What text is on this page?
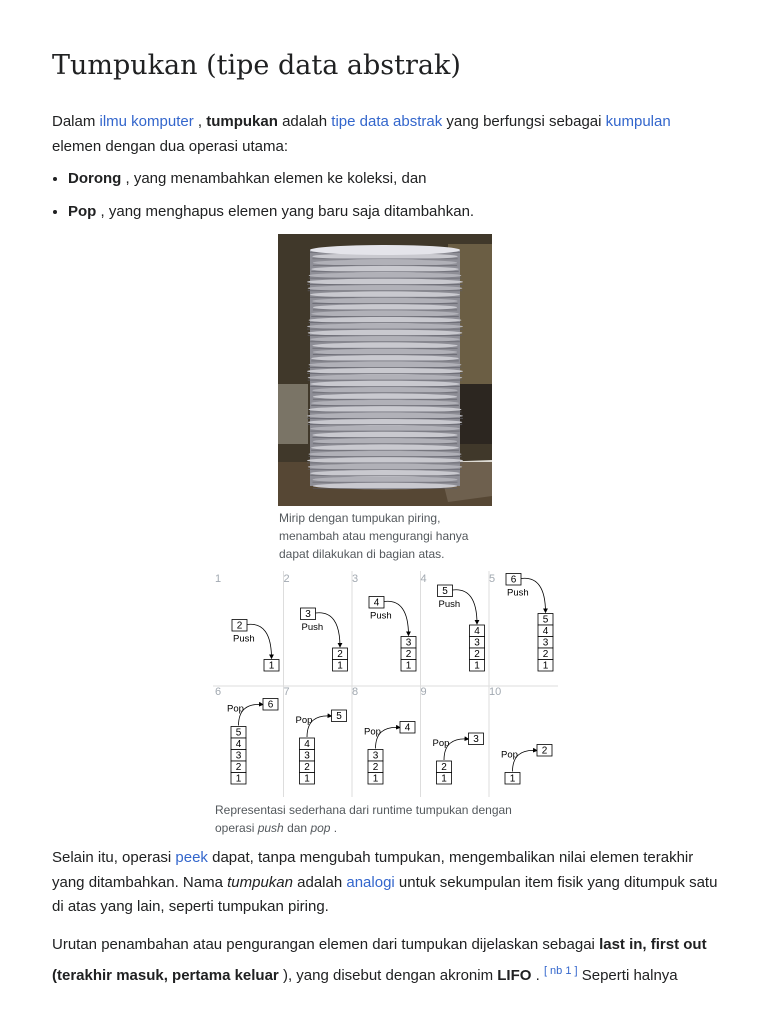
Tumpukan (tipe data abstrak)

Dalam ilmu komputer , tumpukan adalah tipe data abstrak yang berfungsi sebagai kumpulan elemen dengan dua operasi utama:

• Dorong , yang menambahkan elemen ke koleksi, dan
• Pop , yang menghapus elemen yang baru saja ditambahkan.

Mirip dengan tumpukan piring, menambah atau mengurangi hanya dapat dilakukan di bagian atas.

1	2	3	4	5
6	7	8	9	10
1
2
Push
2
1
3
Push
3
2
1
4
Push
4
3
2
1
5
Push
5
4
3
2
1
6
Push
5
4
3
2
1
6
Pop
4
3
2
1
5
Pop
3
2
1
4
Pop
2
1
3
Pop
1
2
Pop

Representasi sederhana dari runtime tumpukan dengan operasi push dan pop .

Selain itu, operasi peek dapat, tanpa mengubah tumpukan, mengembalikan nilai elemen terakhir yang ditambahkan. Nama tumpukan adalah analogi untuk sekumpulan item fisik yang ditumpuk satu di atas yang lain, seperti tumpukan piring.

Urutan penambahan atau pengurangan elemen dari tumpukan dijelaskan sebagai last in, first out (terakhir masuk, pertama keluar ), yang disebut dengan akronim LIFO . [ nb 1 ] Seperti halnya
